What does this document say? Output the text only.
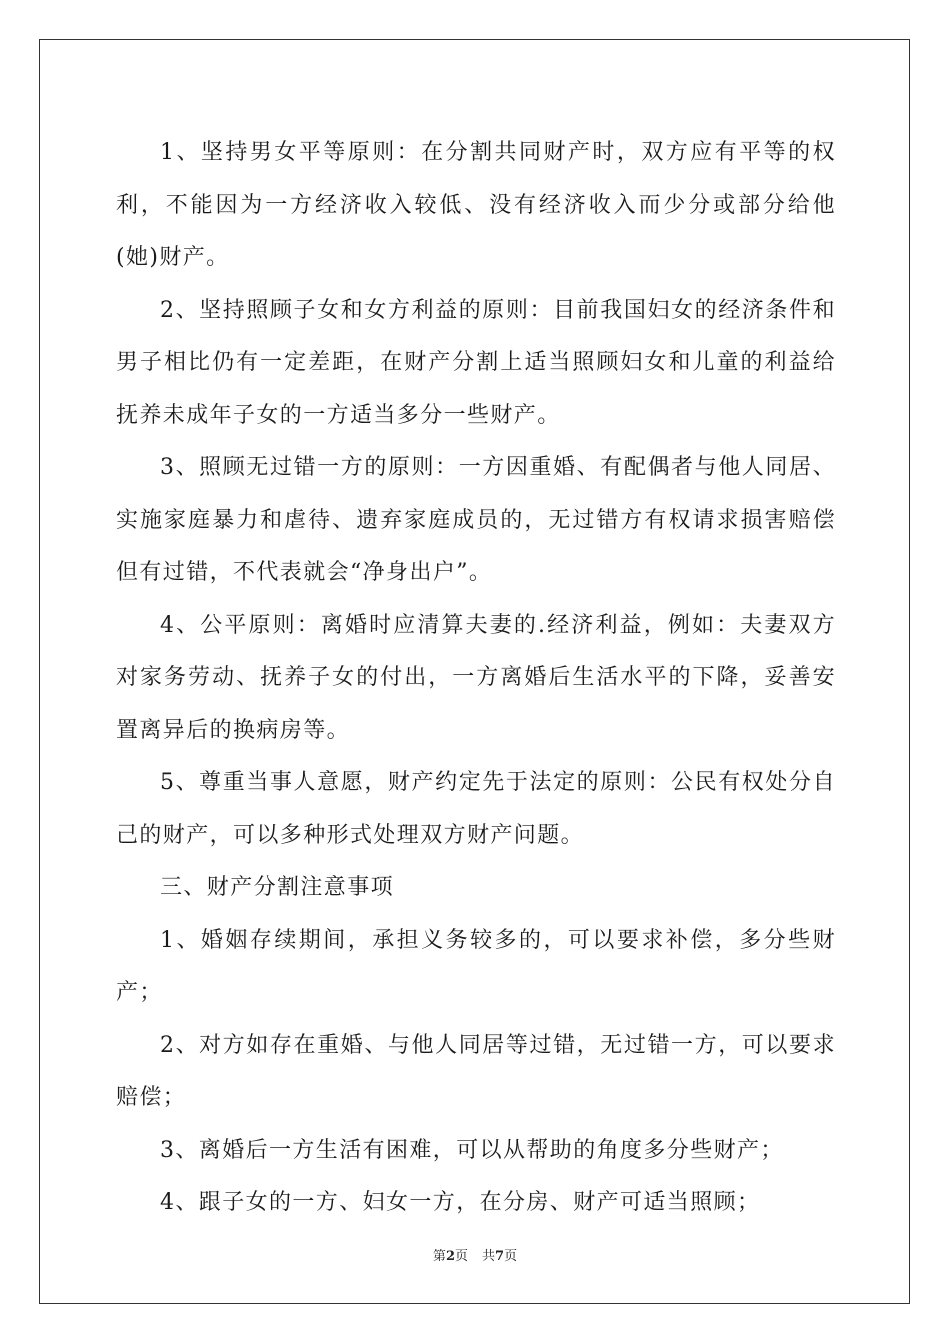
1、坚持男女平等原则：在分割共同财产时，双方应有平等的权利，不能因为一方经济收入较低、没有经济收入而少分或部分给他(她)财产。

2、坚持照顾子女和女方利益的原则：目前我国妇女的经济条件和男子相比仍有一定差距，在财产分割上适当照顾妇女和儿童的利益给抚养未成年子女的一方适当多分一些财产。

3、照顾无过错一方的原则：一方因重婚、有配偶者与他人同居、实施家庭暴力和虐待、遗弃家庭成员的，无过错方有权请求损害赔偿但有过错，不代表就会“净身出户”。

4、公平原则：离婚时应清算夫妻的.经济利益，例如：夫妻双方对家务劳动、抚养子女的付出，一方离婚后生活水平的下降，妥善安置离异后的换病房等。

5、尊重当事人意愿，财产约定先于法定的原则：公民有权处分自己的财产，可以多种形式处理双方财产问题。

三、财产分割注意事项

1、婚姻存续期间，承担义务较多的，可以要求补偿，多分些财产；

2、对方如存在重婚、与他人同居等过错，无过错一方，可以要求赔偿；

3、离婚后一方生活有困难，可以从帮助的角度多分些财产；

4、跟子女的一方、妇女一方，在分房、财产可适当照顾；

第2页 共7页
